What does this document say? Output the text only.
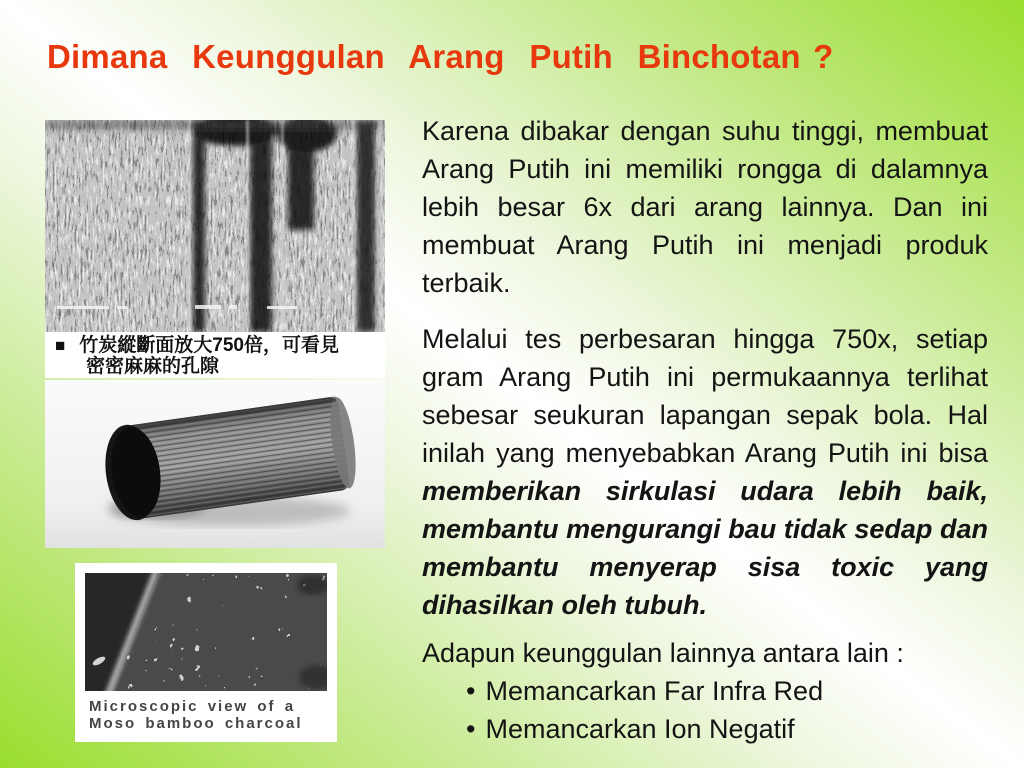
Dimana  Keunggulan  Arang  Putih  Binchotan ?
■ 竹炭縱斷面放大750倍，可看見
密密麻麻的孔隙
Microscopic view of a
Moso bamboo charcoal

Karena dibakar dengan suhu tinggi, membuat Arang Putih ini memiliki rongga di dalamnya lebih besar 6x dari arang lainnya. Dan ini membuat Arang Putih ini menjadi produk terbaik.

Melalui tes perbesaran hingga 750x, setiap gram Arang Putih ini permukaannya terlihat sebesar seukuran lapangan sepak bola. Hal inilah yang menyebabkan Arang Putih ini bisa memberikan sirkulasi udara lebih baik, membantu mengurangi bau tidak sedap dan membantu menyerap sisa toxic yang dihasilkan oleh tubuh.

Adapun keunggulan lainnya antara lain :

• Memancarkan Far Infra Red
• Memancarkan Ion Negatif
